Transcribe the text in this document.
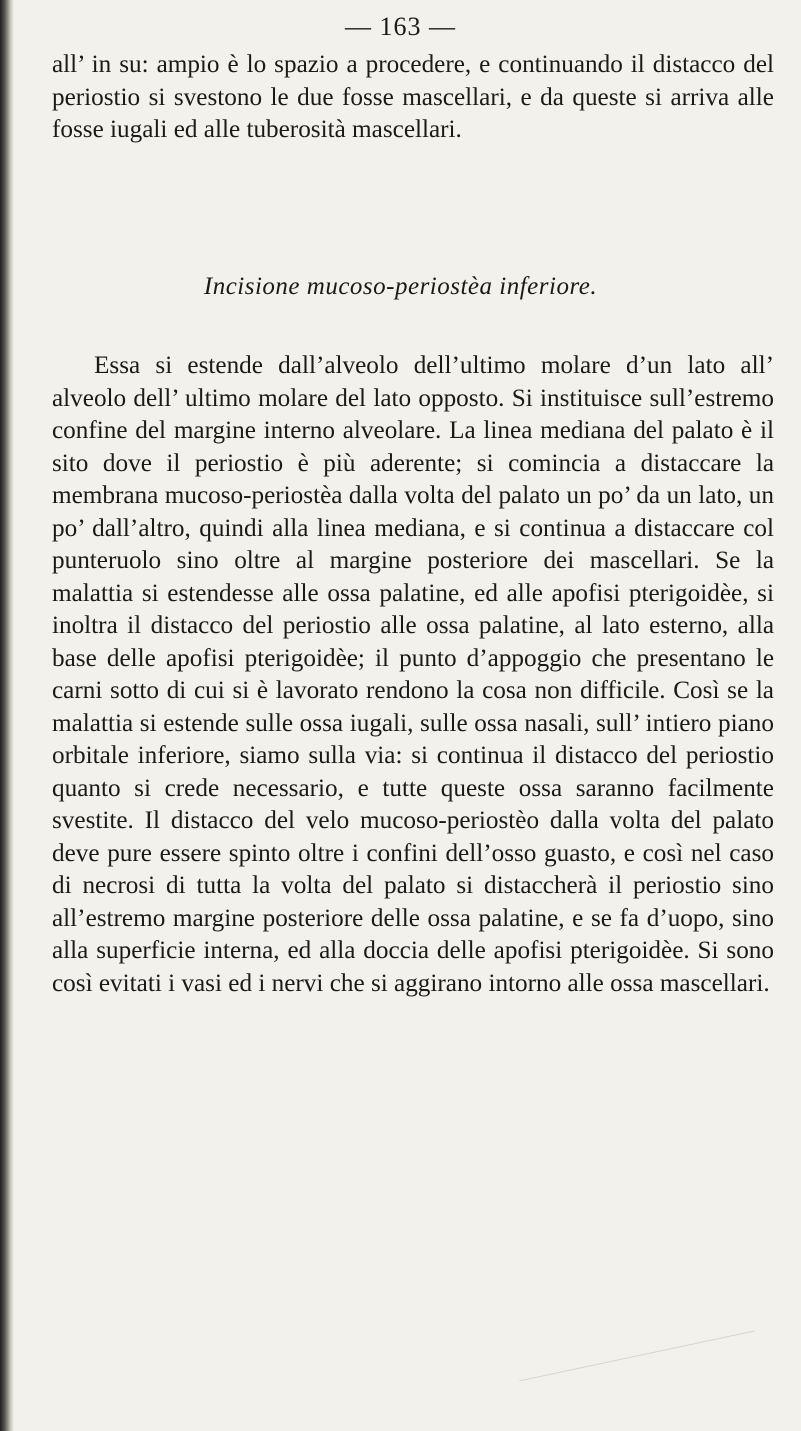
— 163 —

all’ in su: ampio è lo spazio a procedere, e continuando il distacco del periostio si svestono le due fosse mascellari, e da queste si arriva alle fosse iugali ed alle tuberosità mascellari.

Incisione mucoso-periostèa inferiore.

Essa si estende dall’alveolo dell’ultimo molare d’un lato all’ alveolo dell’ ultimo molare del lato opposto. Si instituisce sull’estremo confine del margine interno alveolare. La linea mediana del palato è il sito dove il periostio è più aderente; si comincia a distaccare la membrana mucoso-periostèa dalla volta del palato un po’ da un lato, un po’ dall’altro, quindi alla linea mediana, e si continua a distaccare col punteruolo sino oltre al margine posteriore dei mascellari. Se la malattia si estendesse alle ossa palatine, ed alle apofisi pterigoidèe, si inoltra il distacco del periostio alle ossa palatine, al lato esterno, alla base delle apofisi pterigoidèe; il punto d’appoggio che presentano le carni sotto di cui si è lavorato rendono la cosa non difficile. Così se la malattia si estende sulle ossa iugali, sulle ossa nasali, sull’ intiero piano orbitale inferiore, siamo sulla via: si continua il distacco del periostio quanto si crede necessario, e tutte queste ossa saranno facilmente svestite. Il distacco del velo mucoso-periostèo dalla volta del palato deve pure essere spinto oltre i confini dell’osso guasto, e così nel caso di necrosi di tutta la volta del palato si distaccherà il periostio sino all’estremo margine posteriore delle ossa palatine, e se fa d’uopo, sino alla superficie interna, ed alla doccia delle apofisi pterigoidèe. Si sono così evitati i vasi ed i nervi che si aggirano intorno alle ossa mascellari.
